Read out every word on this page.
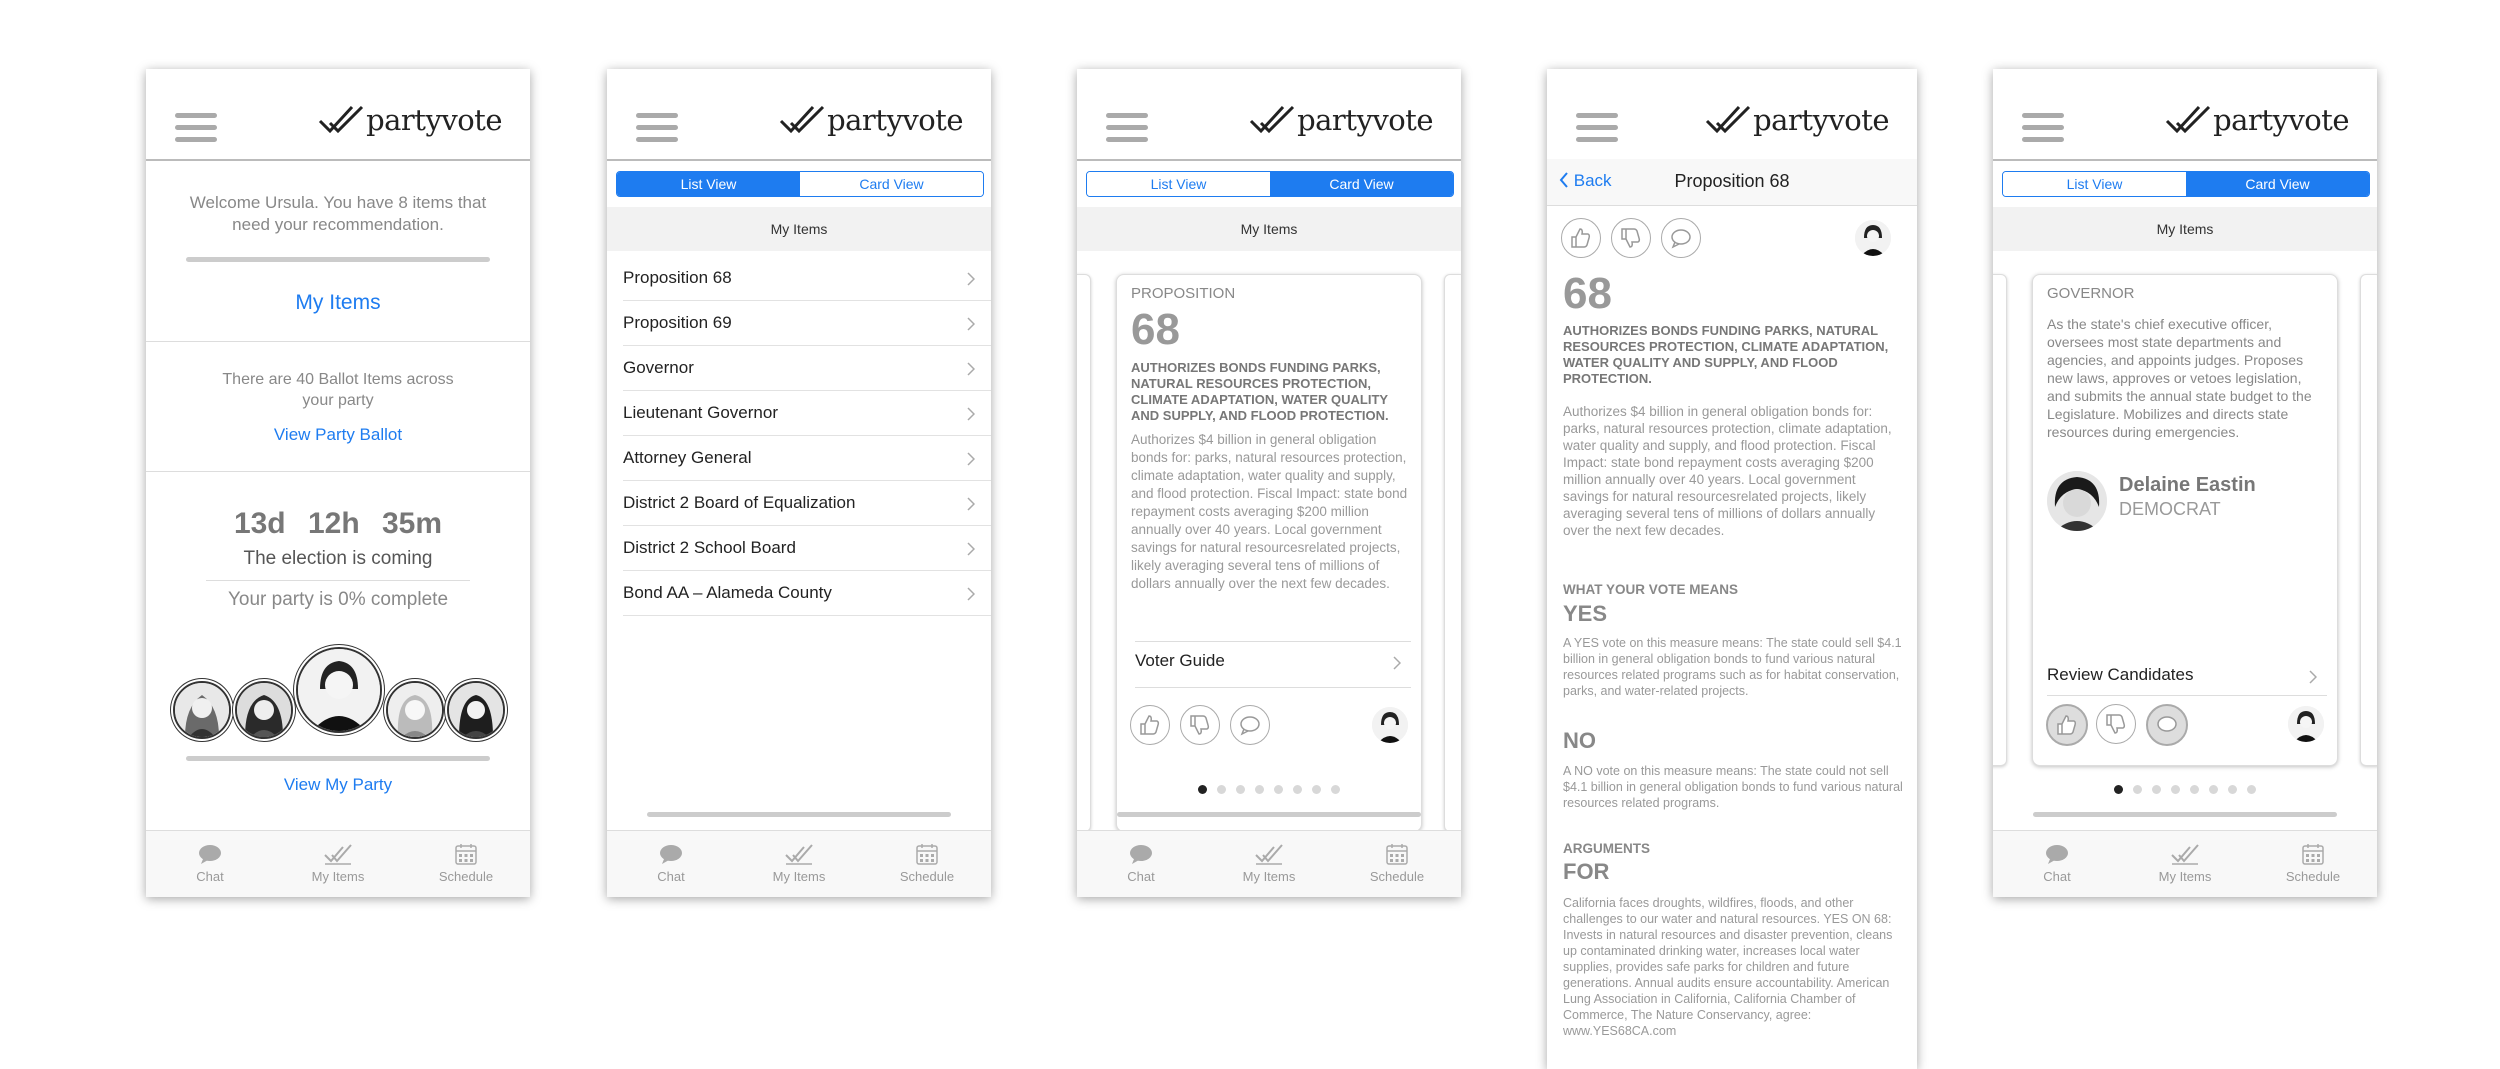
partyvote
Welcome Ursula. You have 8 items that need your recommendation.
My Items
There are 40 Ballot Items across your party
View Party Ballot
13d 12h 35m
The election is coming
Your party is 0% complete
View My Party
Chat	My Items	Schedule
partyvote
List View	Card View
My Items
Proposition 68
Proposition 69
Governor
Lieutenant Governor
Attorney General
District 2 Board of Equalization
District 2 School Board
Bond AA – Alameda County
Chat	My Items	Schedule
partyvote
List View	Card View
My Items
PROPOSITION
68
AUTHORIZES BONDS FUNDING PARKS, NATURAL RESOURCES PROTECTION, CLIMATE ADAPTATION, WATER QUALITY AND SUPPLY, AND FLOOD PROTECTION.
Authorizes $4 billion in general obligation bonds for: parks, natural resources protection, climate adaptation, water quality and supply, and flood protection. Fiscal Impact: state bond repayment costs averaging $200 million annually over 40 years. Local government savings for natural resourcesrelated projects, likely averaging several tens of millions of dollars annually over the next few decades.
Voter Guide
Chat	My Items	Schedule
partyvote
Back	Proposition 68
68
AUTHORIZES BONDS FUNDING PARKS, NATURAL RESOURCES PROTECTION, CLIMATE ADAPTATION, WATER QUALITY AND SUPPLY, AND FLOOD PROTECTION.
Authorizes $4 billion in general obligation bonds for: parks, natural resources protection, climate adaptation, water quality and supply, and flood protection. Fiscal Impact: state bond repayment costs averaging $200 million annually over 40 years. Local government savings for natural resourcesrelated projects, likely averaging several tens of millions of dollars annually over the next few decades.
WHAT YOUR VOTE MEANS
YES
A YES vote on this measure means: The state could sell $4.1 billion in general obligation bonds to fund various natural resources related programs such as for habitat conservation, parks, and water-related projects.
NO
A NO vote on this measure means: The state could not sell $4.1 billion in general obligation bonds to fund various natural resources related programs.
ARGUMENTS
FOR
California faces droughts, wildfires, floods, and other challenges to our water and natural resources. YES ON 68: Invests in natural resources and disaster prevention, cleans up contaminated drinking water, increases local water supplies, provides safe parks for children and future generations. Annual audits ensure accountability. American Lung Association in California, California Chamber of Commerce, The Nature Conservancy, agree: www.YES68CA.com
partyvote
List View	Card View
My Items
GOVERNOR
As the state's chief executive officer, oversees most state departments and agencies, and appoints judges. Proposes new laws, approves or vetoes legislation, and submits the annual state budget to the Legislature. Mobilizes and directs state resources during emergencies.
Delaine Eastin
DEMOCRAT
Review Candidates
Chat	My Items	Schedule
